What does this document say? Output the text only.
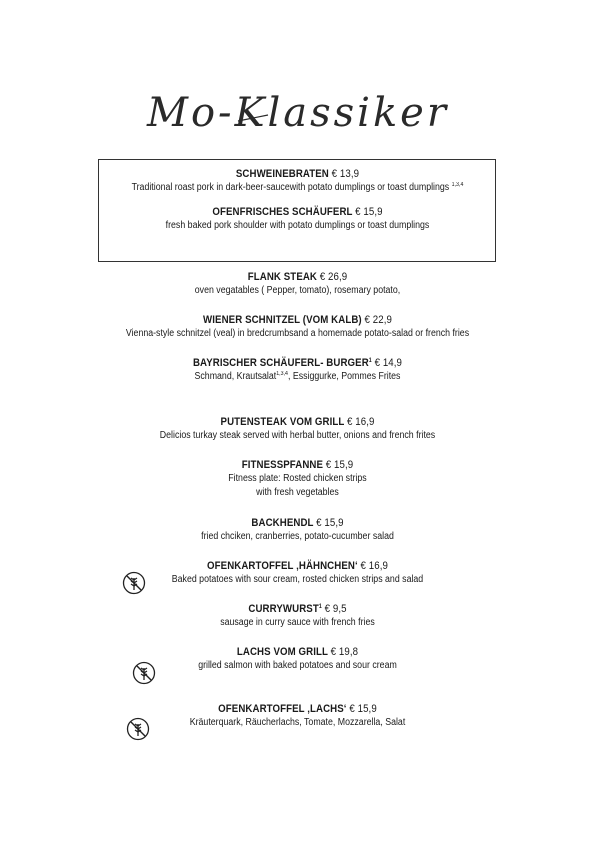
Mo-Klassiker
SCHWEINEBRATEN € 13,9
Traditional roast pork in dark-beer-saucewith potato dumplings or toast dumplings $^{1,3,4}$
OFENFRISCHES SCHÄUFERL € 15,9
fresh baked pork shoulder with potato dumplings or toast dumplings
FLANK STEAK € 26,9
oven vegatables ( Pepper, tomato), rosemary potato,
WIENER SCHNITZEL (VOM KALB) € 22,9
Vienna-style schnitzel (veal) in bredcrumbsand a homemade potato-salad or french fries
BAYRISCHER SCHÄUFERL- BURGER$^1$ € 14,9
Schmand, Krautsalat$^{1,3,4}$, Essiggurke, Pommes Frites
PUTENSTEAK VOM GRILL € 16,9
Delicios turkay steak served with herbal butter, onions and french frites
FITNESSPFANNE € 15,9
Fitness plate: Rosted chicken strips
with fresh vegetables
BACKHENDL € 15,9
fried chciken, cranberries, potato-cucumber salad
OFENKARTOFFEL ‚HÄHNCHEN‘ € 16,9
Baked potatoes with sour cream, rosted chicken strips and salad
CURRYWURST$^1$ € 9,5
sausage in curry sauce with french fries
LACHS VOM GRILL € 19,8
grilled salmon with baked potatoes and sour cream
OFENKARTOFFEL ‚LACHS‘ € 15,9
Kräuterquark, Räucherlachs, Tomate, Mozzarella, Salat
